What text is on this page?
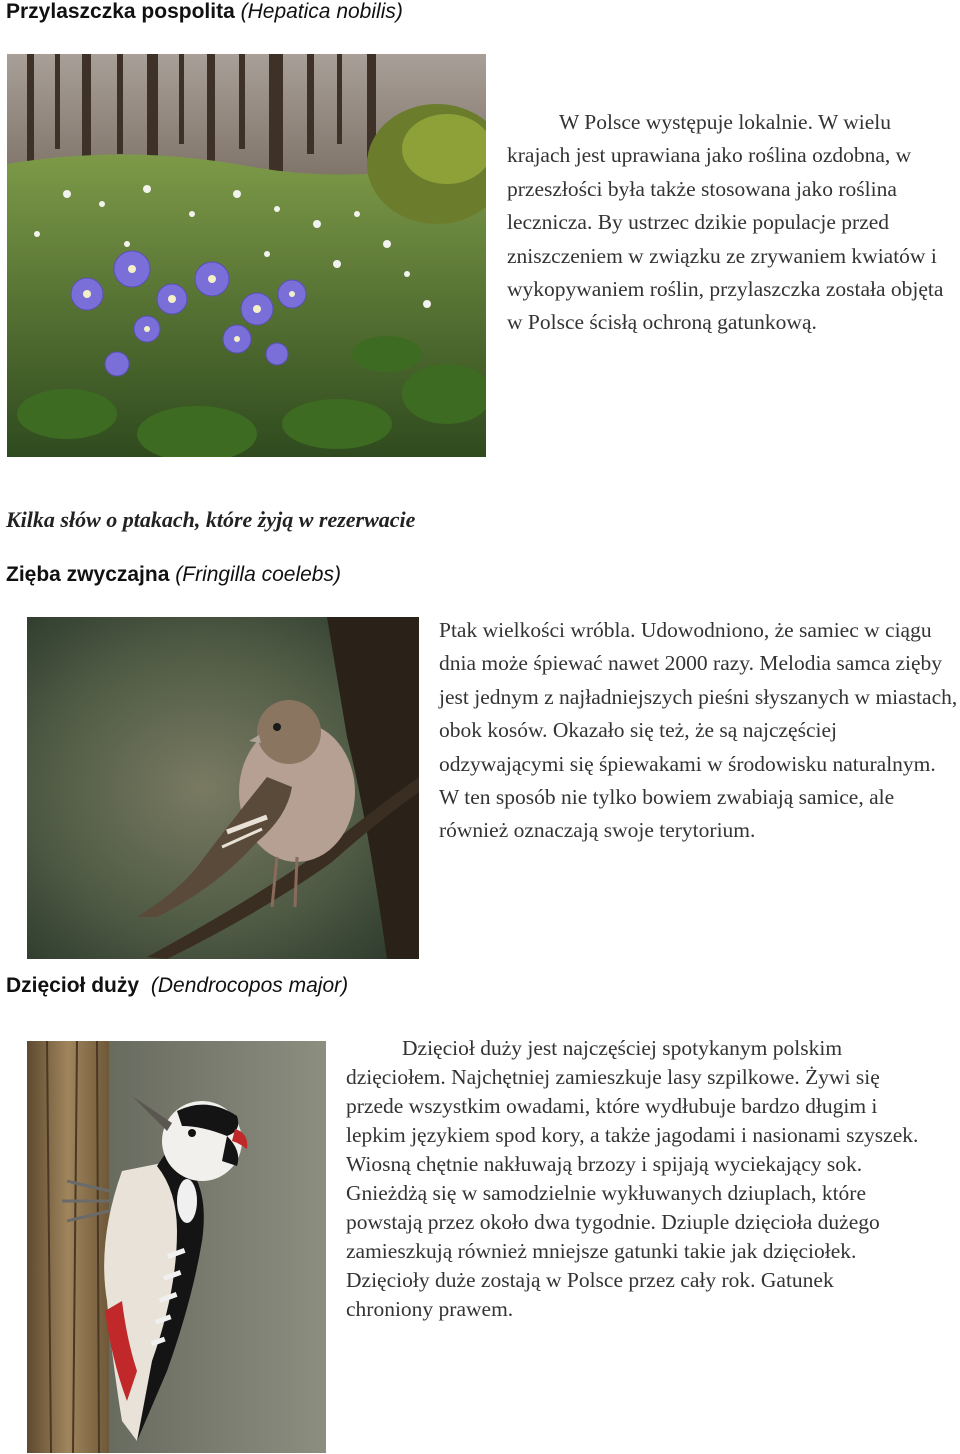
Przylaszczka pospolita (Hepatica nobilis)
W Polsce występuje lokalnie. W wielu krajach jest uprawiana jako roślina ozdobna, w przeszłości była także stosowana jako roślina lecznicza. By ustrzec dzikie populacje przed zniszczeniem w związku ze zrywaniem kwiatów i wykopywaniem roślin, przylaszczka została objęta w Polsce ścisłą ochroną gatunkową.
Kilka słów o ptakach, które żyją w rezerwacie
Zięba zwyczajna (Fringilla coelebs)
Ptak wielkości wróbla. Udowodniono, że samiec w ciągu dnia może śpiewać nawet 2000 razy. Melodia samca zięby jest jednym z najładniejszych pieśni słyszanych w miastach, obok kosów. Okazało się też, że są najczęściej odzywającymi się śpiewakami w środowisku naturalnym. W ten sposób nie tylko bowiem zwabiają samice, ale również oznaczają swoje terytorium.
Dzięcioł duży (Dendrocopos major)
Dzięcioł duży jest najczęściej spotykanym polskim dzięciołem. Najchętniej zamieszkuje lasy szpilkowe. Żywi się przede wszystkim owadami, które wydłubuje bardzo długim i lepkim językiem spod kory, a także jagodami i nasionami szyszek. Wiosną chętnie nakłuwają brzozy i spijają wyciekający sok. Gnieżdżą się w samodzielnie wykłuwanych dziuplach, które powstają przez około dwa tygodnie. Dziuple dzięcioła dużego zamieszkują również mniejsze gatunki takie jak dzięciołek. Dzięcioły duże zostają w Polsce przez cały rok. Gatunek chroniony prawem.
